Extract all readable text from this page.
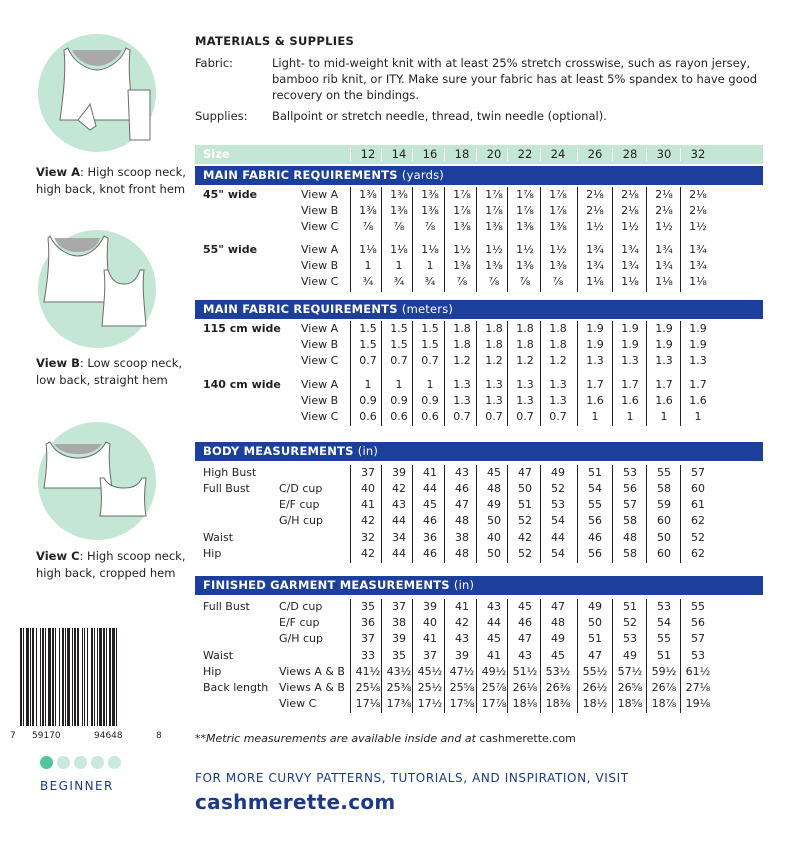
View A: High scoop neck, high back, knot front hem
View B: Low scoop neck, low back, straight hem
View C: High scoop neck, high back, cropped hem
7 59170	94648	8
BEGINNER
MATERIALS & SUPPLIES
Fabric:	Light- to mid-weight knit with at least 25% stretch crosswise, such as rayon jersey, bamboo rib knit, or ITY. Make sure your fabric has at least 5% spandex to have good recovery on the bindings.
Supplies: Ballpoint or stretch needle, thread, twin needle (optional).
Size	12	14	16	18	20	22	24	26	28	30	32
MAIN FABRIC REQUIREMENTS (yards)
45" wide	View A	1⅜	1⅜	1⅜	1⅞	1⅞	1⅞	1⅞	2⅛	2⅛	2⅛	2⅛
View B	1⅜	1⅜	1⅜	1⅞	1⅞	1⅞	1⅞	2⅛	2⅛	2⅛	2⅛
View C	⅞	⅞	⅞	1⅜	1⅜	1⅜	1⅜	1½	1½	1½	1½
55" wide	View A	1⅛	1⅛	1⅛	1½	1½	1½	1½	1¾	1¾	1¾	1¾
View B	1	1	1	1⅜	1⅜	1⅜	1⅜	1¾	1¾	1¾	1¾
View C	¾	¾	¾	⅞	⅞	⅞	⅞	1⅛	1⅛	1⅛	1⅛
MAIN FABRIC REQUIREMENTS (meters)
115 cm wide View A	1.5	1.5	1.5	1.8	1.8	1.8	1.8	1.9	1.9	1.9	1.9
View B	1.5	1.5	1.5	1.8	1.8	1.8	1.8	1.9	1.9	1.9	1.9
View C	0.7	0.7	0.7	1.2	1.2	1.2	1.2	1.3	1.3	1.3	1.3
140 cm wide View A	1	1	1	1.3	1.3	1.3	1.3	1.7	1.7	1.7	1.7
View B	0.9	0.9	0.9	1.3	1.3	1.3	1.3	1.6	1.6	1.6	1.6
View C	0.6	0.6	0.6	0.7	0.7	0.7	0.7	1	1	1	1
BODY MEASUREMENTS (in)
High Bust	37	39	41	43	45	47	49	51	53	55	57
Full Bust	C/D cup	40	42	44	46	48	50	52	54	56	58	60
E/F cup	41	43	45	47	49	51	53	55	57	59	61
G/H cup	42	44	46	48	50	52	54	56	58	60	62
Waist	32	34	36	38	40	42	44	46	48	50	52
Hip	42	44	46	48	50	52	54	56	58	60	62
FINISHED GARMENT MEASUREMENTS (in)
Full Bust	C/D cup	35	37	39	41	43	45	47	49	51	53	55
E/F cup	36	38	40	42	44	46	48	50	52	54	56
G/H cup	37	39	41	43	45	47	49	51	53	55	57
Waist	33	35	37	39	41	43	45	47	49	51	53
Hip	Views A & B 41½ 43½ 45½ 47½ 49½ 51½ 53½	55½ 57½ 59½ 61½
Back length Views A & B 25⅛ 25⅜ 25½ 25⅝ 25⅞ 26⅛ 26⅜	26½ 26⅝ 26⅞ 27⅛
View C	17⅛ 17⅜ 17½ 17⅝ 17⅞ 18⅛ 18⅜	18½ 18⅝ 18⅞ 19⅛
**Metric measurements are available inside and at cashmerette.com
FOR MORE CURVY PATTERNS, TUTORIALS, AND INSPIRATION, VISIT
cashmerette.com
